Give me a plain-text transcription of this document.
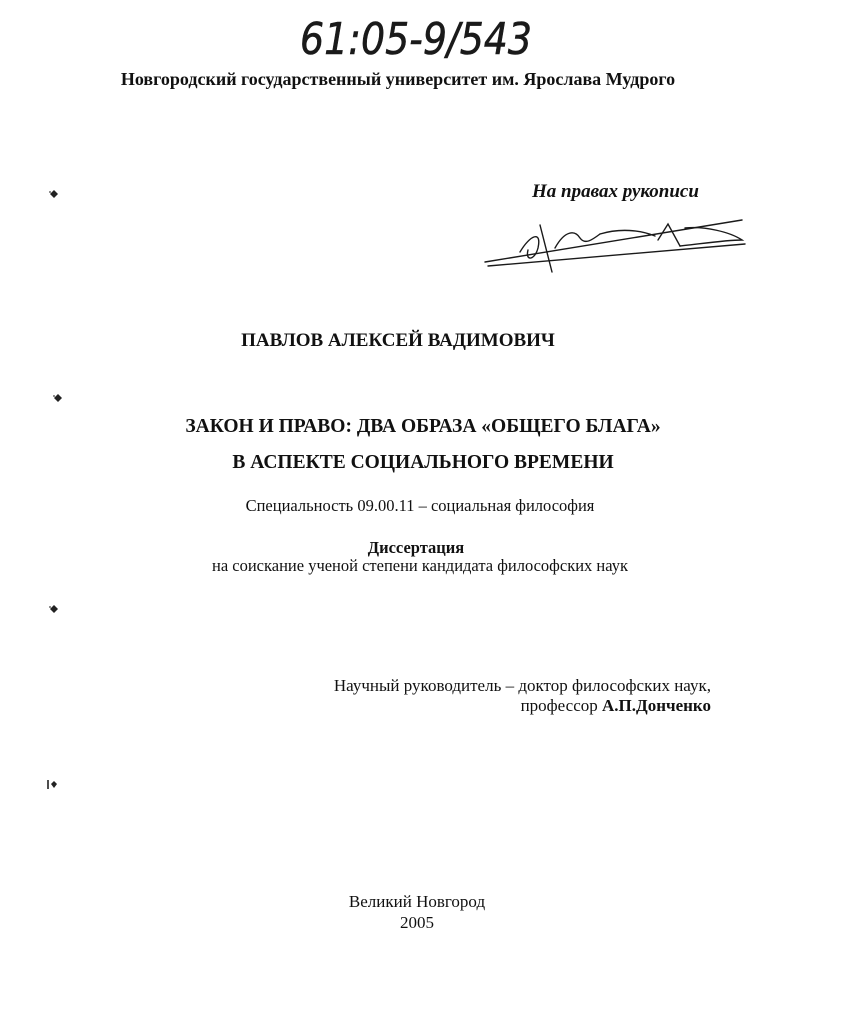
61:05-9/543
Новгородский государственный университет им. Ярослава Мудрого
На правах рукописи
ПАВЛОВ АЛЕКСЕЙ ВАДИМОВИЧ
ЗАКОН И ПРАВО: ДВА ОБРАЗА «ОБЩЕГО БЛАГА»
В АСПЕКТЕ СОЦИАЛЬНОГО ВРЕМЕНИ
Специальность 09.00.11 – социальная философия
Диссертация
на соискание ученой степени кандидата философских наук
Научный руководитель – доктор философских наук,
профессор А.П.Донченко
Великий Новгород
2005
